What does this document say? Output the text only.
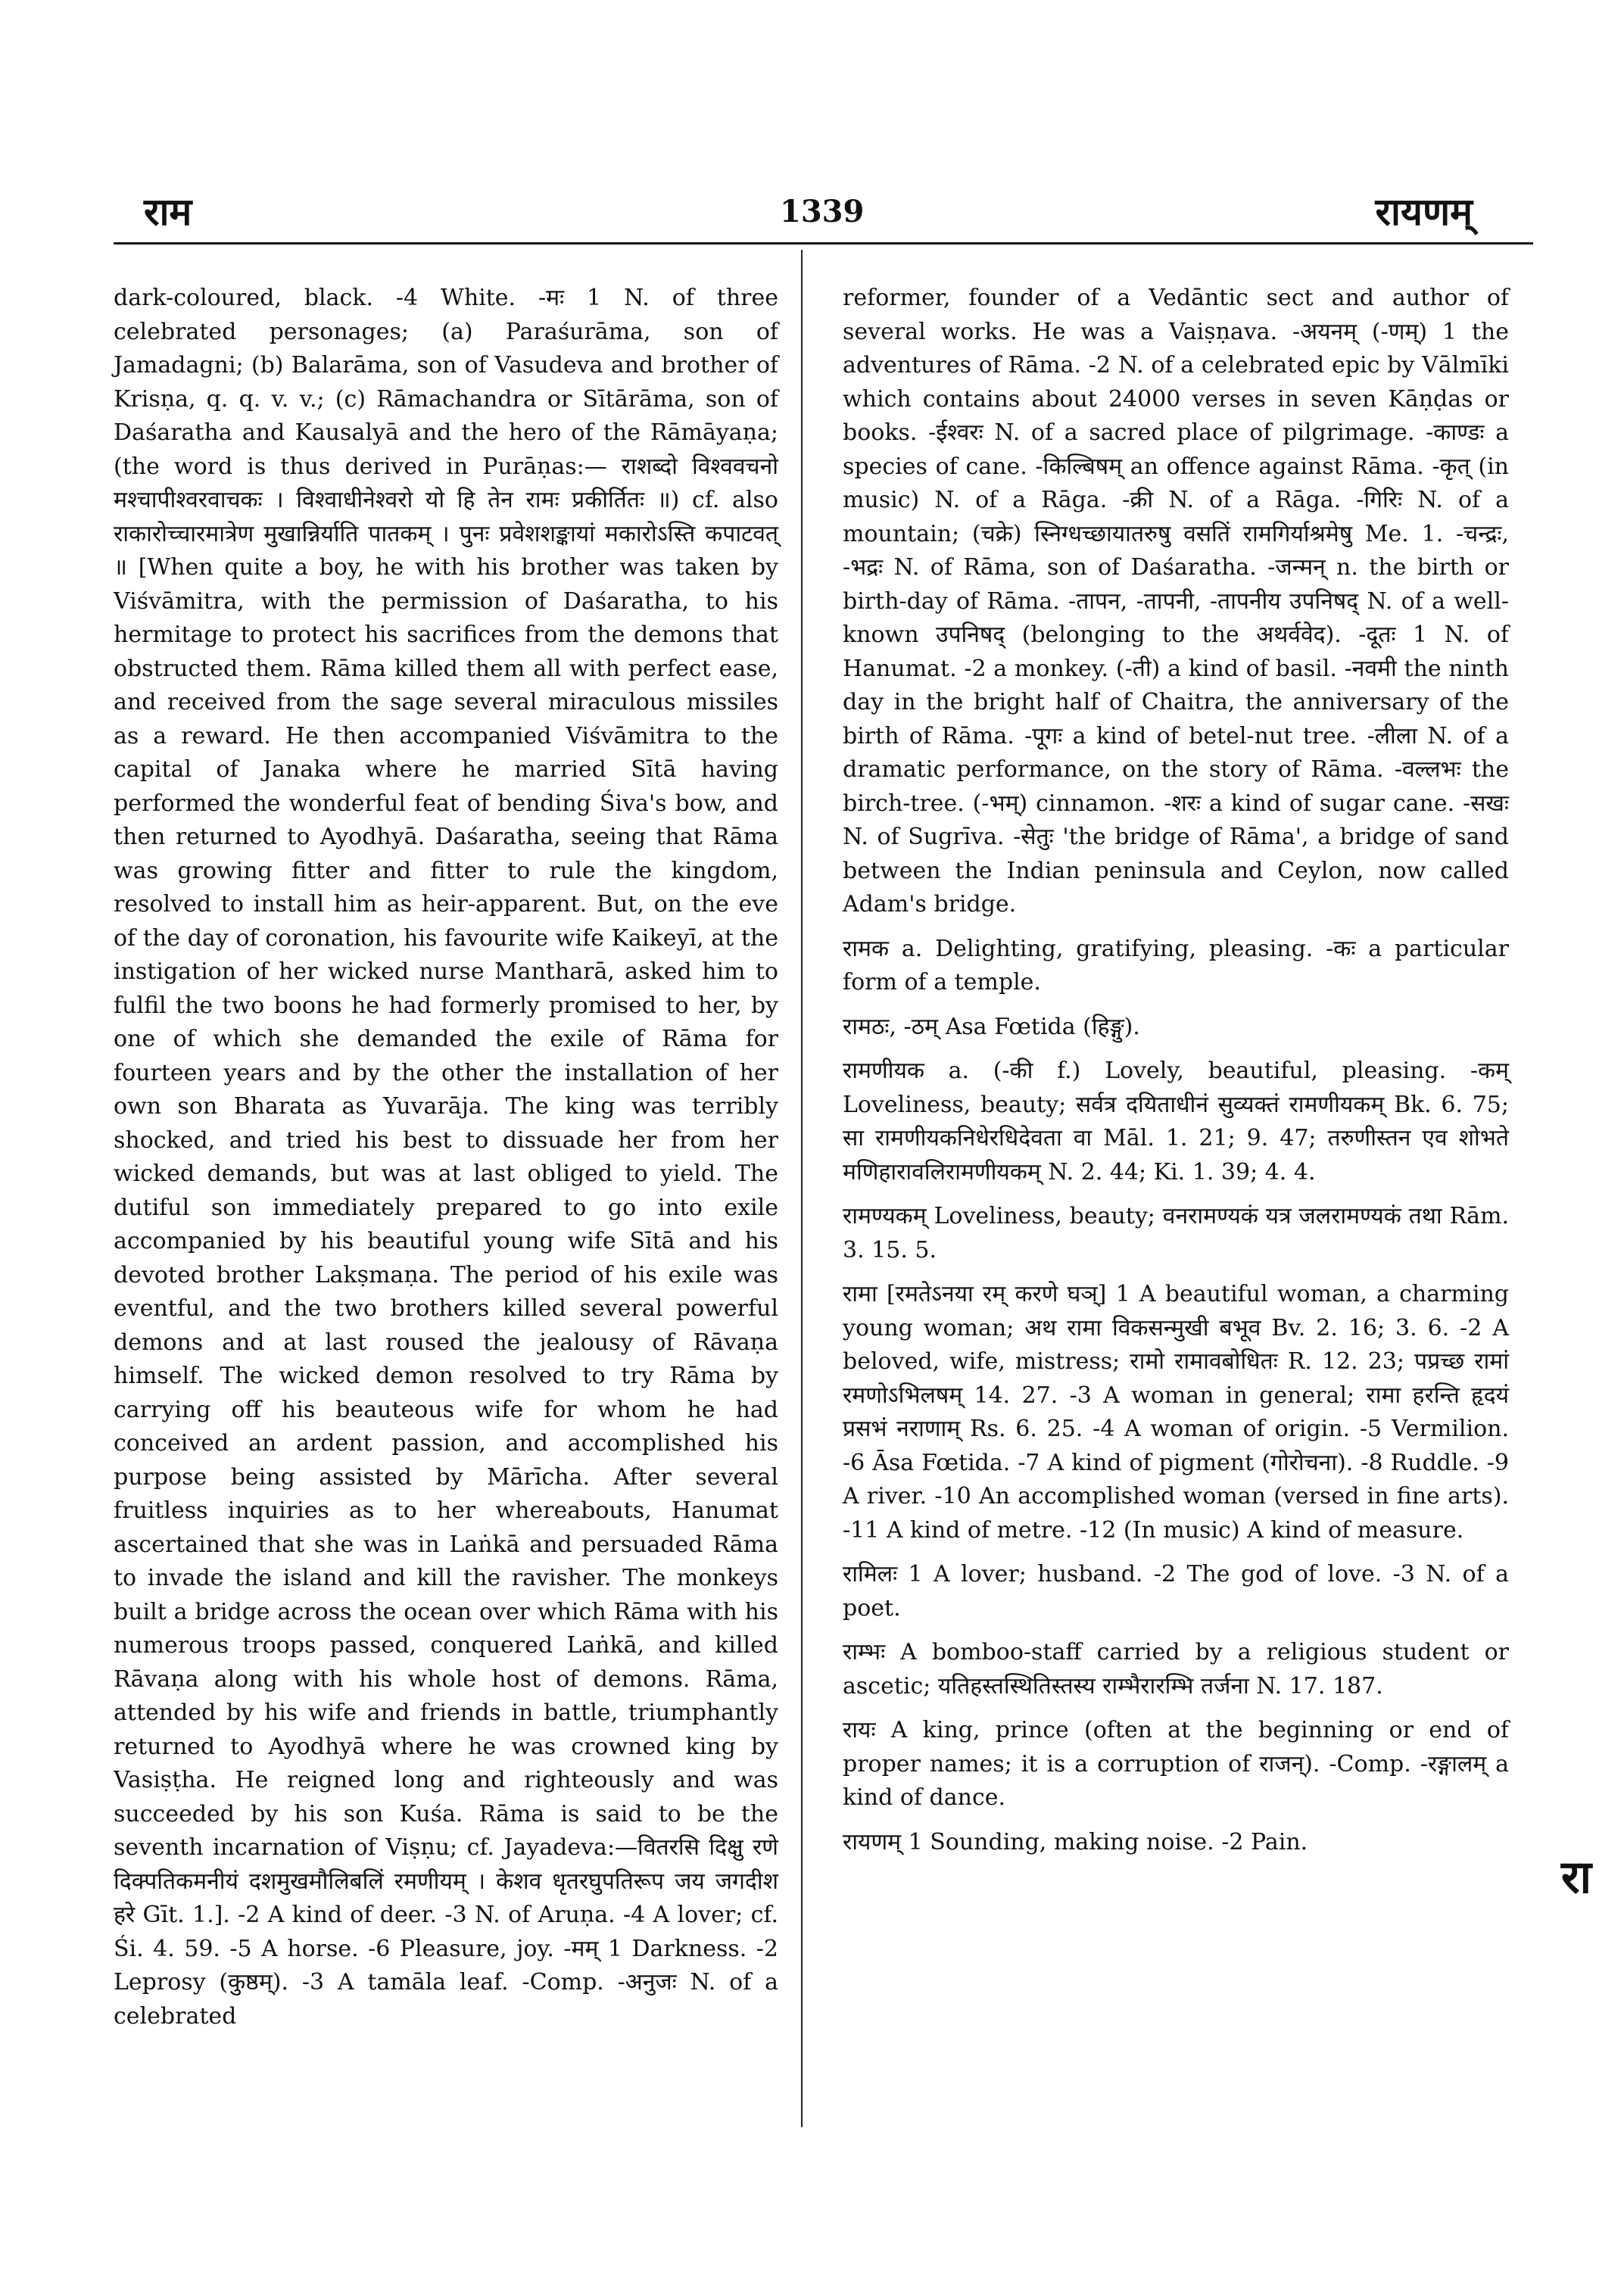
राम	1339	रायणम्

dark-coloured, black. -4 White. -मः 1 N. of three celebrated personages; (a) Paraśurāma, son of Jamadagni; (b) Balarāma, son of Vasudeva and brother of Krisṇa, q. q. v. v.; (c) Rāmachandra or Sītārāma, son of Daśaratha and Kausalyā and the hero of the Rāmāyaṇa; (the word is thus derived in Purāṇas:— राशब्दो विश्ववचनो मश्चापीश्वरवाचकः । विश्वाधीनेश्वरो यो हि तेन रामः प्रकीर्तितः ॥) cf. also राकारोच्चारमात्रेण मुखान्निर्याति पातकम् । पुनः प्रवेशशङ्कायां मकारोऽस्ति कपाटवत् ॥ [When quite a boy, he with his brother was taken by Viśvāmitra, with the permission of Daśaratha, to his hermitage to protect his sacrifices from the demons that obstructed them. Rāma killed them all with perfect ease, and received from the sage several miraculous missiles as a reward. He then accompanied Viśvāmitra to the capital of Janaka where he married Sītā having performed the wonderful feat of bending Śiva's bow, and then returned to Ayodhyā. Daśaratha, seeing that Rāma was growing fitter and fitter to rule the kingdom, resolved to install him as heir-apparent. But, on the eve of the day of coronation, his favourite wife Kaikeyī, at the instigation of her wicked nurse Mantharā, asked him to fulfil the two boons he had formerly promised to her, by one of which she demanded the exile of Rāma for fourteen years and by the other the installation of her own son Bharata as Yuvarāja. The king was terribly shocked, and tried his best to dissuade her from her wicked demands, but was at last obliged to yield. The dutiful son immediately prepared to go into exile accompanied by his beautiful young wife Sītā and his devoted brother Lakṣmaṇa. The period of his exile was eventful, and the two brothers killed several powerful demons and at last roused the jealousy of Rāvaṇa himself. The wicked demon resolved to try Rāma by carrying off his beauteous wife for whom he had conceived an ardent passion, and accomplished his purpose being assisted by Mārīcha. After several fruitless inquiries as to her whereabouts, Hanumat ascertained that she was in Laṅkā and persuaded Rāma to invade the island and kill the ravisher. The monkeys built a bridge across the ocean over which Rāma with his numerous troops passed, conquered Laṅkā, and killed Rāvaṇa along with his whole host of demons. Rāma, attended by his wife and friends in battle, triumphantly returned to Ayodhyā where he was crowned king by Vasiṣṭha. He reigned long and righteously and was succeeded by his son Kuśa. Rāma is said to be the seventh incarnation of Viṣṇu; cf. Jayadeva:—वितरसि दिक्षु रणे दिक्पतिकमनीयं दशमुखमौलिबलिं रमणीयम् । केशव धृतरघुपतिरूप जय जगदीश हरे Gīt. 1.]. -2 A kind of deer. -3 N. of Aruṇa. -4 A lover; cf. Śi. 4. 59. -5 A horse. -6 Pleasure, joy. -मम् 1 Darkness. -2 Leprosy (कुष्ठम्). -3 A tamāla leaf. -Comp. -अनुजः N. of a celebrated

reformer, founder of a Vedāntic sect and author of several works. He was a Vaiṣṇava. -अयनम् (-णम्) 1 the adventures of Rāma. -2 N. of a celebrated epic by Vālmīki which contains about 24000 verses in seven Kāṇḍas or books. -ईश्वरः N. of a sacred place of pilgrimage. -काण्डः a species of cane. -किल्बिषम् an offence against Rāma. -कृत् (in music) N. of a Rāga. -क्री N. of a Rāga. -गिरिः N. of a mountain; (चक्रे) स्निग्धच्छायातरुषु वसतिं रामगिर्याश्रमेषु Me. 1. -चन्द्रः, -भद्रः N. of Rāma, son of Daśaratha. -जन्मन् n. the birth or birth-day of Rāma. -तापन, -तापनी, -तापनीय उपनिषद् N. of a well-known उपनिषद् (belonging to the अथर्ववेद). -दूतः 1 N. of Hanumat. -2 a monkey. (-ती) a kind of basil. -नवमी the ninth day in the bright half of Chaitra, the anniversary of the birth of Rāma. -पूगः a kind of betel-nut tree. -लीला N. of a dramatic performance, on the story of Rāma. -वल्लभः the birch-tree. (-भम्) cinnamon. -शरः a kind of sugar cane. -सखः N. of Sugrīva. -सेतुः 'the bridge of Rāma', a bridge of sand between the Indian peninsula and Ceylon, now called Adam's bridge.

रामक a. Delighting, gratifying, pleasing. -कः a particular form of a temple.

रामठः, -ठम् Asa Fœtida (हिङ्गु).

रामणीयक a. (-की f.) Lovely, beautiful, pleasing. -कम् Loveliness, beauty; सर्वत्र दयिताधीनं सुव्यक्तं रामणीयकम् Bk. 6. 75; सा रामणीयकनिधेरधिदेवता वा Māl. 1. 21; 9. 47; तरुणीस्तन एव शोभते मणिहारावलिरामणीयकम् N. 2. 44; Ki. 1. 39; 4. 4.

रामण्यकम् Loveliness, beauty; वनरामण्यकं यत्र जलरामण्यकं तथा Rām. 3. 15. 5.

रामा [रमतेऽनया रम् करणे घञ्] 1 A beautiful woman, a charming young woman; अथ रामा विकसन्मुखी बभूव Bv. 2. 16; 3. 6. -2 A beloved, wife, mistress; रामो रामावबोधितः R. 12. 23; पप्रच्छ रामां रमणोऽभिलषम् 14. 27. -3 A woman in general; रामा हरन्ति हृदयं प्रसभं नराणाम् Rs. 6. 25. -4 A woman of origin. -5 Vermilion. -6 Āsa Fœtida. -7 A kind of pigment (गोरोचना). -8 Ruddle. -9 A river. -10 An accomplished woman (versed in fine arts). -11 A kind of metre. -12 (In music) A kind of measure.

रामिलः 1 A lover; husband. -2 The god of love. -3 N. of a poet.

राम्भः A bomboo-staff carried by a religious student or ascetic; यतिहस्तस्थितिस्तस्य राम्भैरारम्भि तर्जना N. 17. 187.

रायः A king, prince (often at the beginning or end of proper names; it is a corruption of राजन्). -Comp. -रङ्गालम् a kind of dance.

रायणम् 1 Sounding, making noise. -2 Pain.

रा
